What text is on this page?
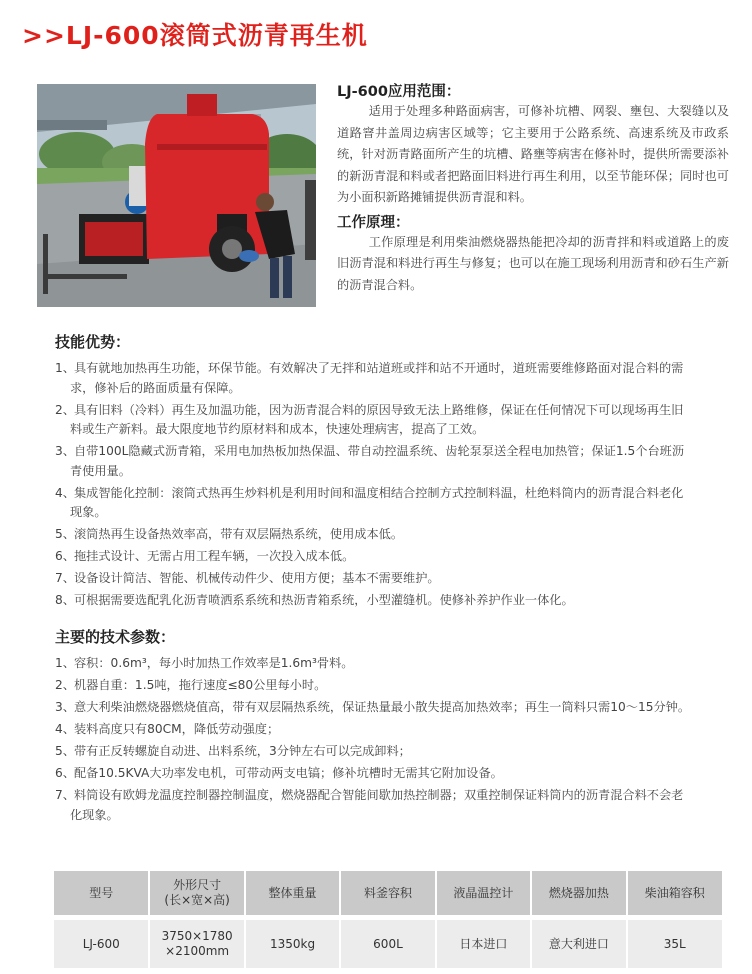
>>LJ-600滚筒式沥青再生机
LJ-600应用范围：

适用于处理多种路面病害，可修补坑槽、网裂、壅包、大裂缝以及道路窨井盖周边病害区域等；它主要用于公路系统、高速系统及市政系统，针对沥青路面所产生的坑槽、路壅等病害在修补时，提供所需要添补的新沥青混和料或者把路面旧料进行再生利用，以至节能环保；同时也可为小面积新路摊铺提供沥青混和料。

工作原理：

工作原理是利用柴油燃烧器热能把冷却的沥青拌和料或道路上的废旧沥青混和料进行再生与修复；也可以在施工现场利用沥青和砂石生产新的沥青混合料。

技能优势：
1、具有就地加热再生功能，环保节能。有效解决了无拌和站道班或拌和站不开通时，道班需要维修路面对混合料的需求，修补后的路面质量有保障。
2、具有旧料（冷料）再生及加温功能，因为沥青混合料的原因导致无法上路维修，保证在任何情况下可以现场再生旧料或生产新料。最大限度地节约原材料和成本，快速处理病害，提高了工效。
3、自带100L隐藏式沥青箱，采用电加热板加热保温、带自动控温系统、齿轮泵泵送全程电加热管；保证1.5个台班沥青使用量。
4、集成智能化控制：滚筒式热再生炒料机是利用时间和温度相结合控制方式控制料温，杜绝料筒内的沥青混合料老化现象。
5、滚筒热再生设备热效率高，带有双层隔热系统，使用成本低。
6、拖挂式设计、无需占用工程车辆，一次投入成本低。
7、设备设计简洁、智能、机械传动件少、使用方便；基本不需要维护。
8、可根据需要选配乳化沥青喷洒系系统和热沥青箱系统，小型灌缝机。使修补养护作业一体化。
主要的技术参数：
1、容积：0.6m³，每小时加热工作效率是1.6m³骨料。
2、机器自重：1.5吨，拖行速度≤80公里每小时。
3、意大利柴油燃烧器燃烧值高，带有双层隔热系统，保证热量最小散失提高加热效率；再生一筒料只需10～15分钟。
4、装料高度只有80CM，降低劳动强度；
5、带有正反转螺旋自动进、出料系统，3分钟左右可以完成卸料；
6、配备10.5KVA大功率发电机，可带动两支电镐；修补坑槽时无需其它附加设备。
7、料筒设有欧姆龙温度控制器控制温度，燃烧器配合智能间歇加热控制器；双重控制保证料筒内的沥青混合料不会老化现象。
型号	外形尺寸
(长×宽×高)	整体重量	料釜容积	液晶温控计	燃烧器加热	柴油箱容积

LJ-600	3750×1780
×2100mm	1350kg	600L	日本进口	意大利进口	35L
